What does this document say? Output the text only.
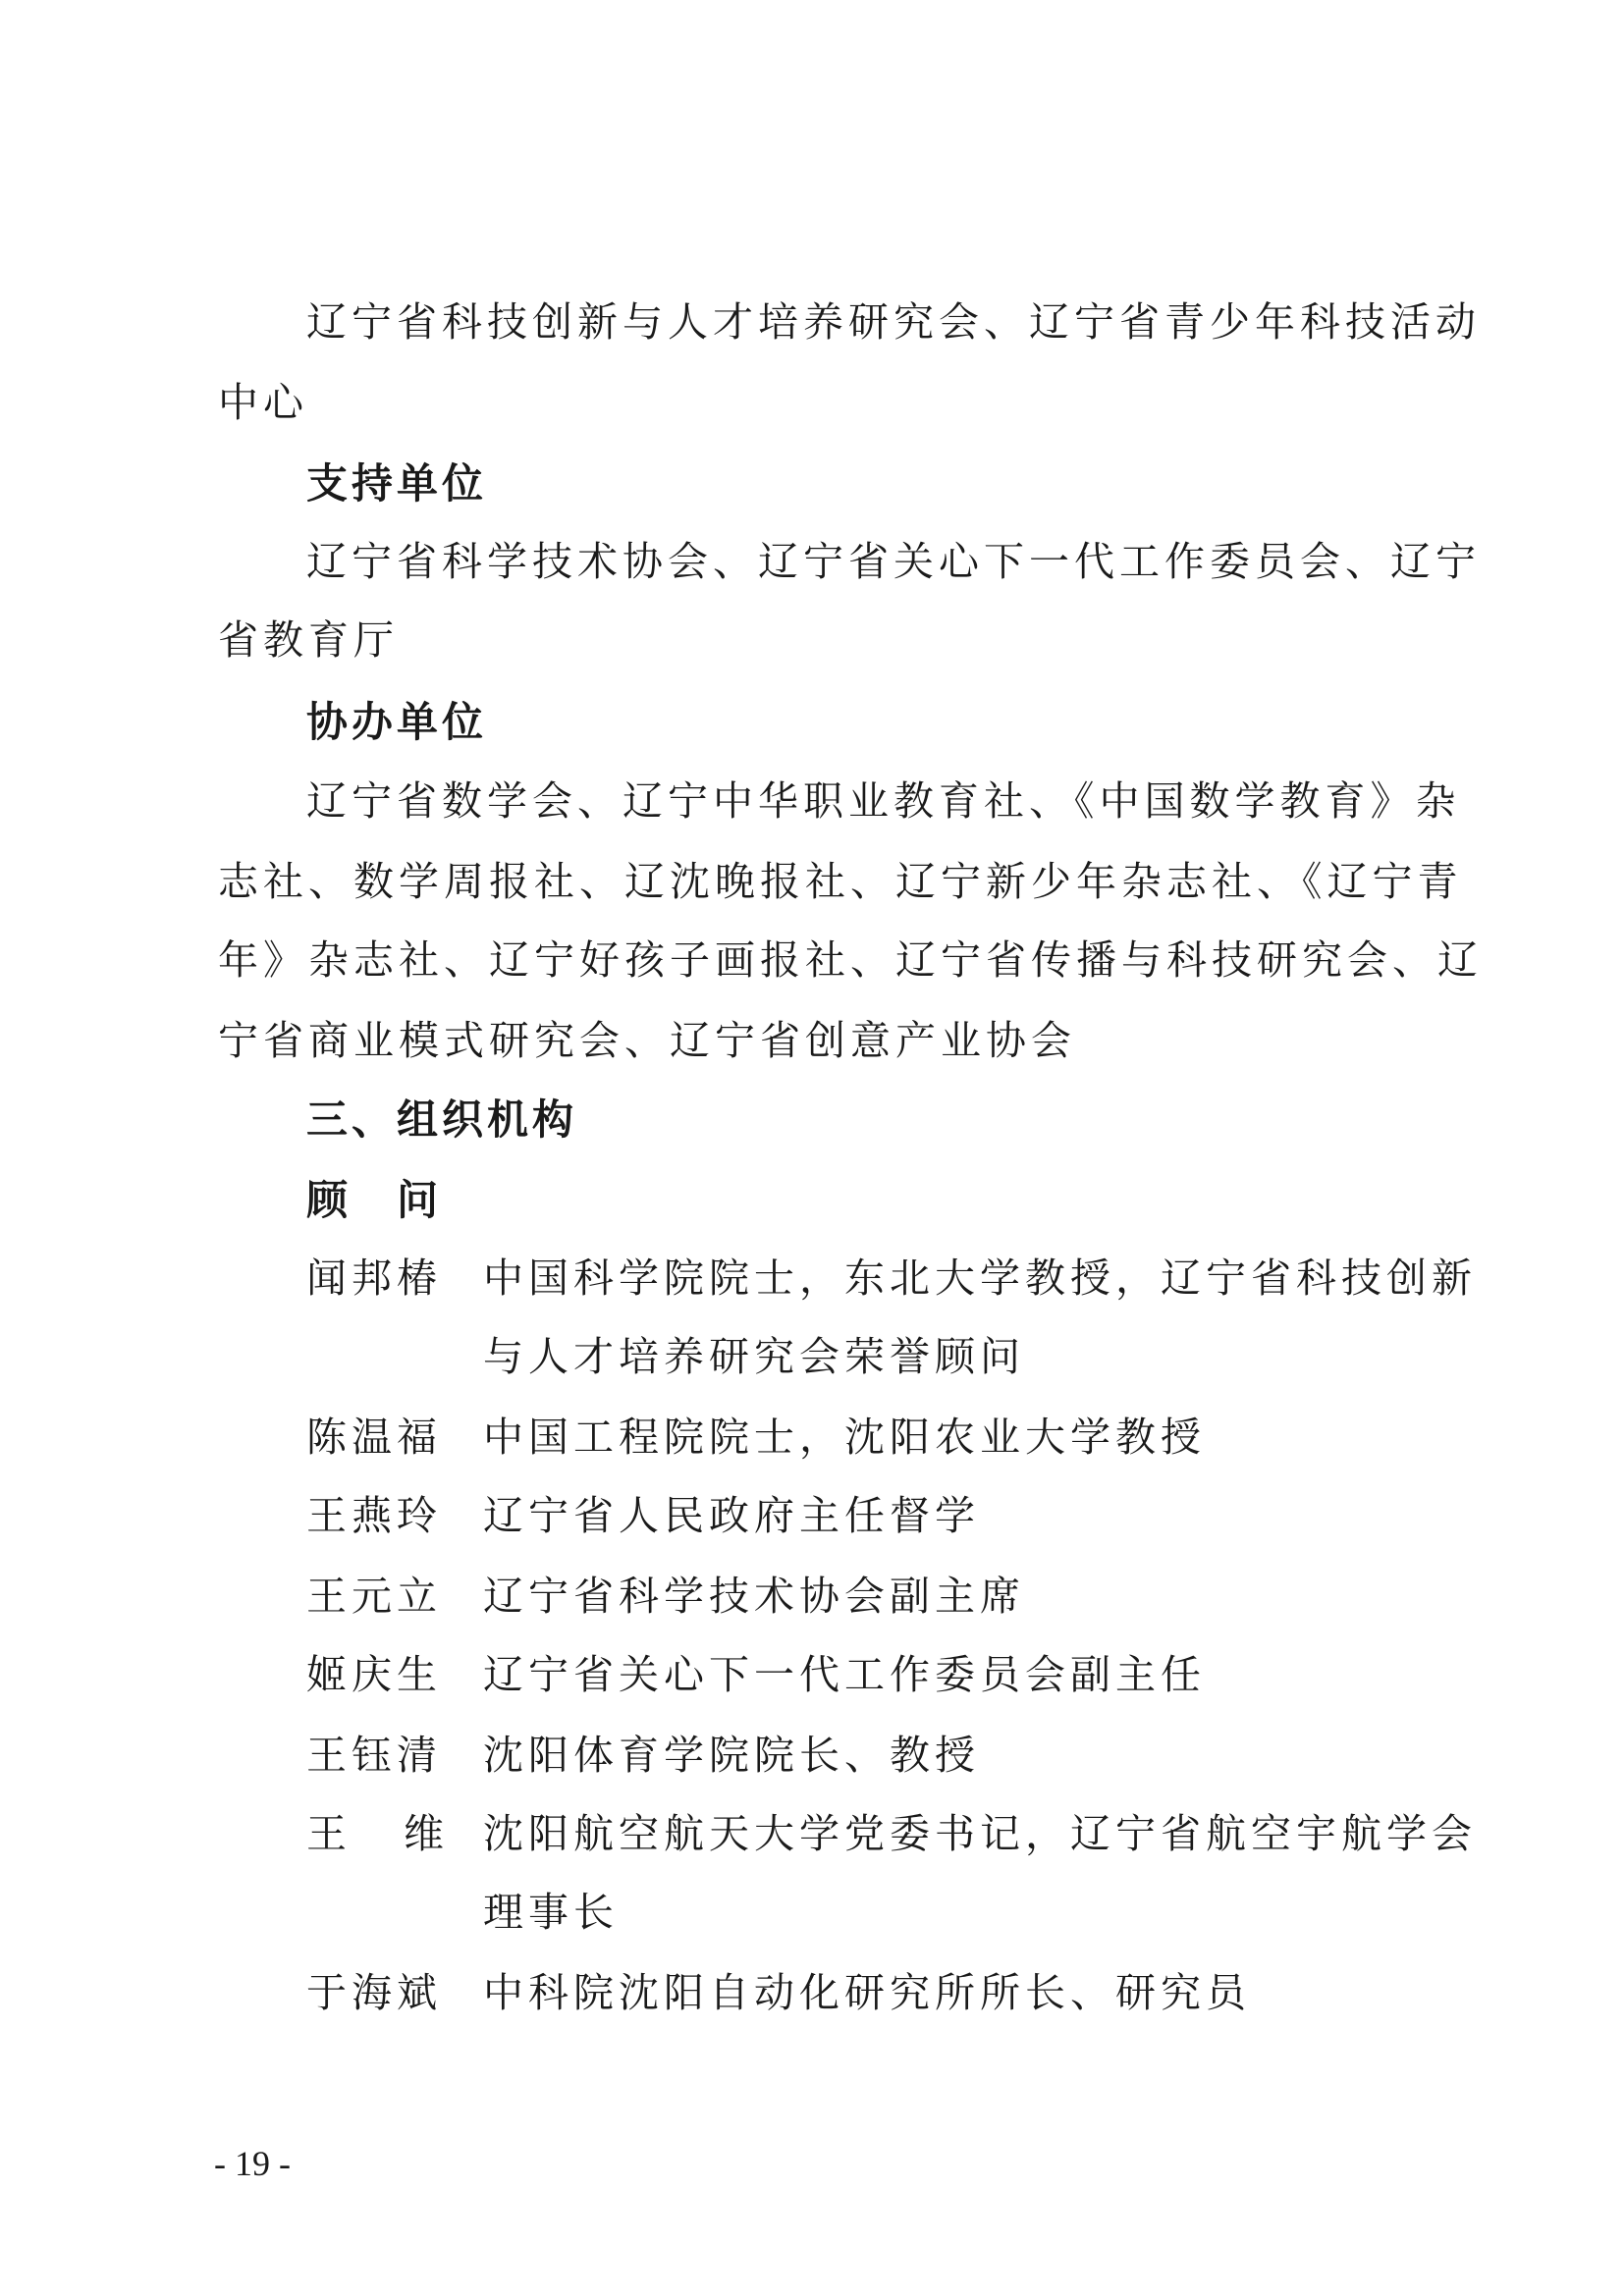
辽宁省科技创新与人才培养研究会、辽宁省青少年科技活动
中心
支持单位
辽宁省科学技术协会、辽宁省关心下一代工作委员会、辽宁
省教育厅
协办单位
辽宁省数学会、辽宁中华职业教育社、《中国数学教育》杂
志社、数学周报社、辽沈晚报社、辽宁新少年杂志社、《辽宁青
年》杂志社、辽宁好孩子画报社、辽宁省传播与科技研究会、辽
宁省商业模式研究会、辽宁省创意产业协会
三、组织机构
顾　问
闻邦椿 中国科学院院士，东北大学教授，辽宁省科技创新
与人才培养研究会荣誉顾问
陈温福 中国工程院院士，沈阳农业大学教授
王燕玲 辽宁省人民政府主任督学
王元立 辽宁省科学技术协会副主席
姬庆生 辽宁省关心下一代工作委员会副主任
王钰清 沈阳体育学院院长、教授
王维
沈阳航空航天大学党委书记，辽宁省航空宇航学会
理事长
于海斌 中科院沈阳自动化研究所所长、研究员
- 19 -
